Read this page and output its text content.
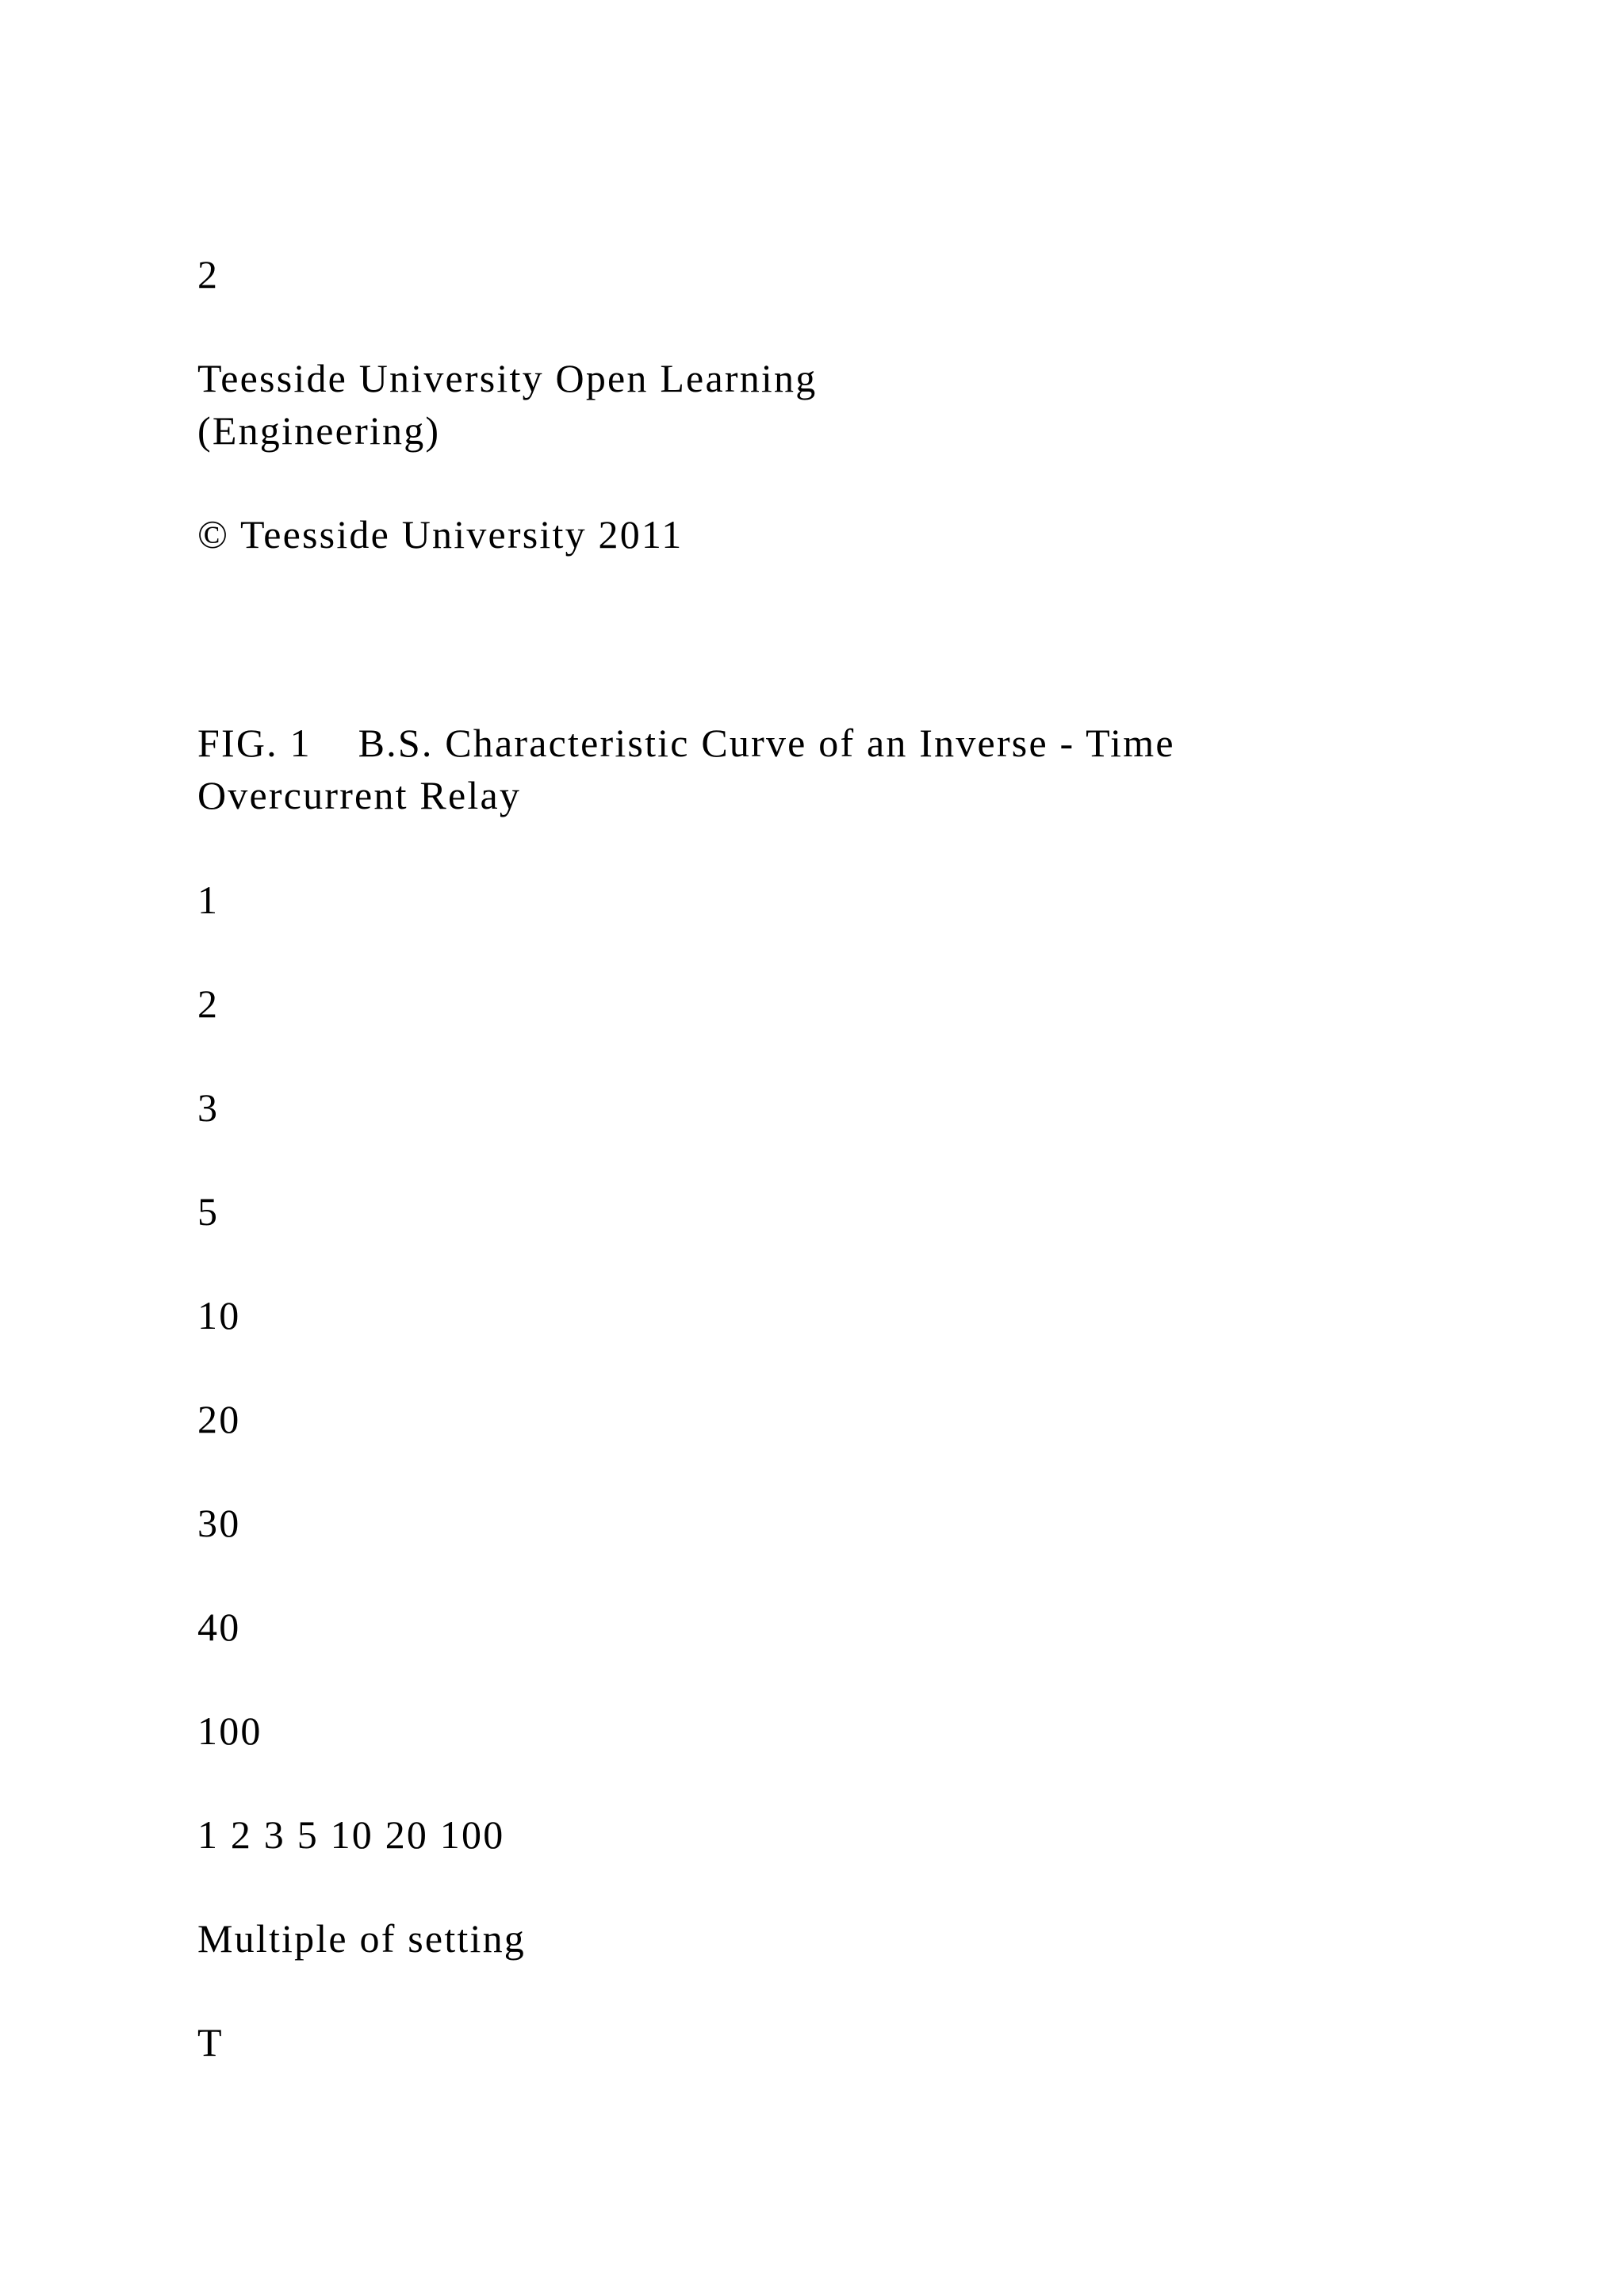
2
Teesside University Open Learning
(Engineering)
© Teesside University 2011
FIG. 1    B.S. Characteristic Curve of an Inverse - Time
Overcurrent Relay
1
2
3
5
10
20
30
40
100
1 2 3 5 10 20 100
Multiple of setting
T
